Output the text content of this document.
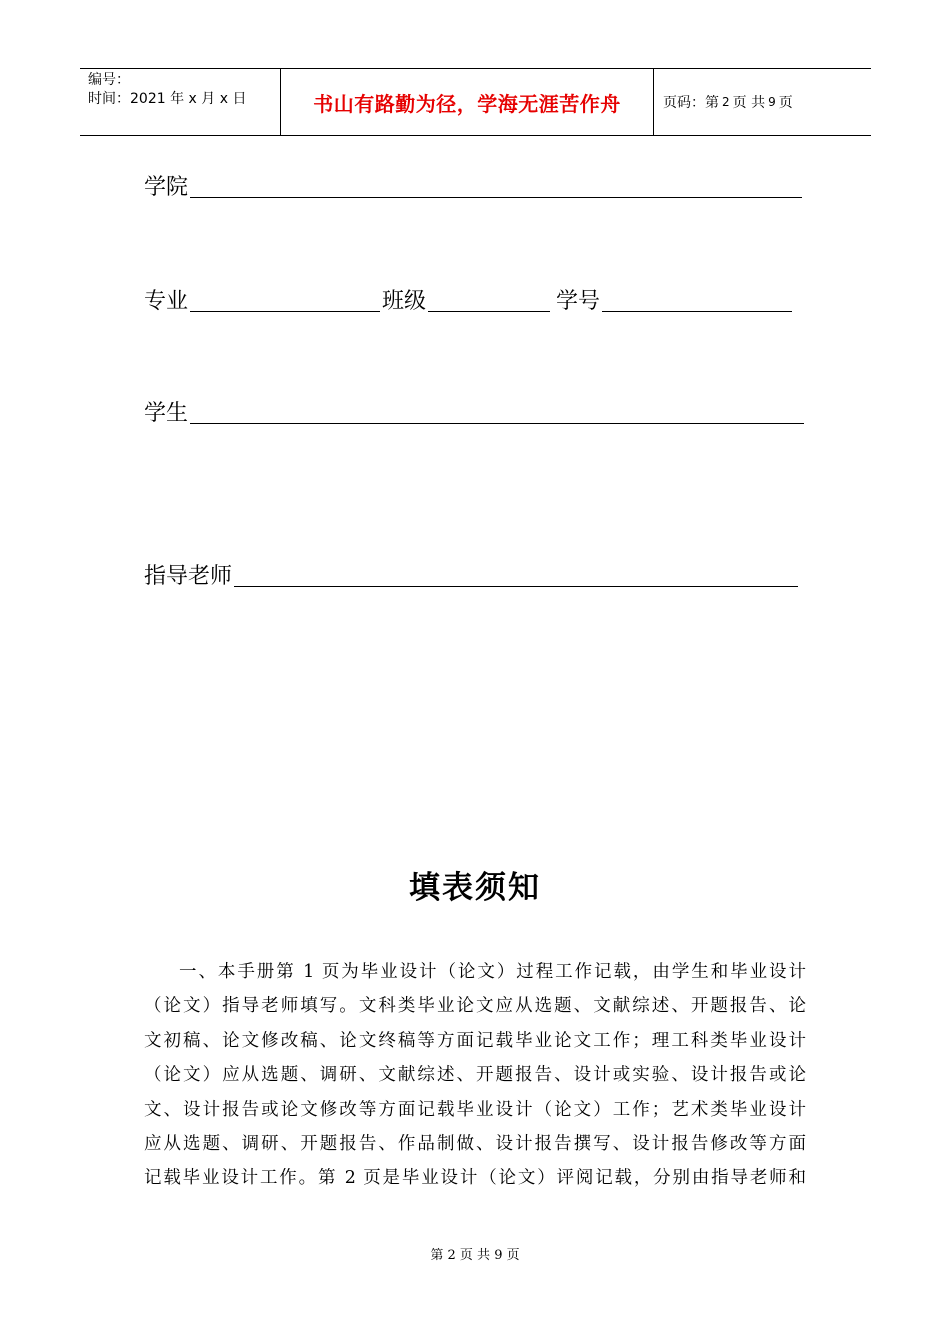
编号：
时间：2021 年 x 月 x 日	书山有路勤为径，学海无涯苦作舟	页码：第 2 页 共 9 页
学院
专业	班级	学号
学生
指导老师
填表须知
一、本手册第 1 页为毕业设计（论文）过程工作记载，由学生和毕业设计
（论文）指导老师填写。文科类毕业论文应从选题、文献综述、开题报告、论
文初稿、论文修改稿、论文终稿等方面记载毕业论文工作；理工科类毕业设计
（论文）应从选题、调研、文献综述、开题报告、设计或实验、设计报告或论
文、设计报告或论文修改等方面记载毕业设计（论文）工作；艺术类毕业设计
应从选题、调研、开题报告、作品制做、设计报告撰写、设计报告修改等方面
记载毕业设计工作。第 2 页是毕业设计（论文）评阅记载，分别由指导老师和
第 2 页 共 9 页
